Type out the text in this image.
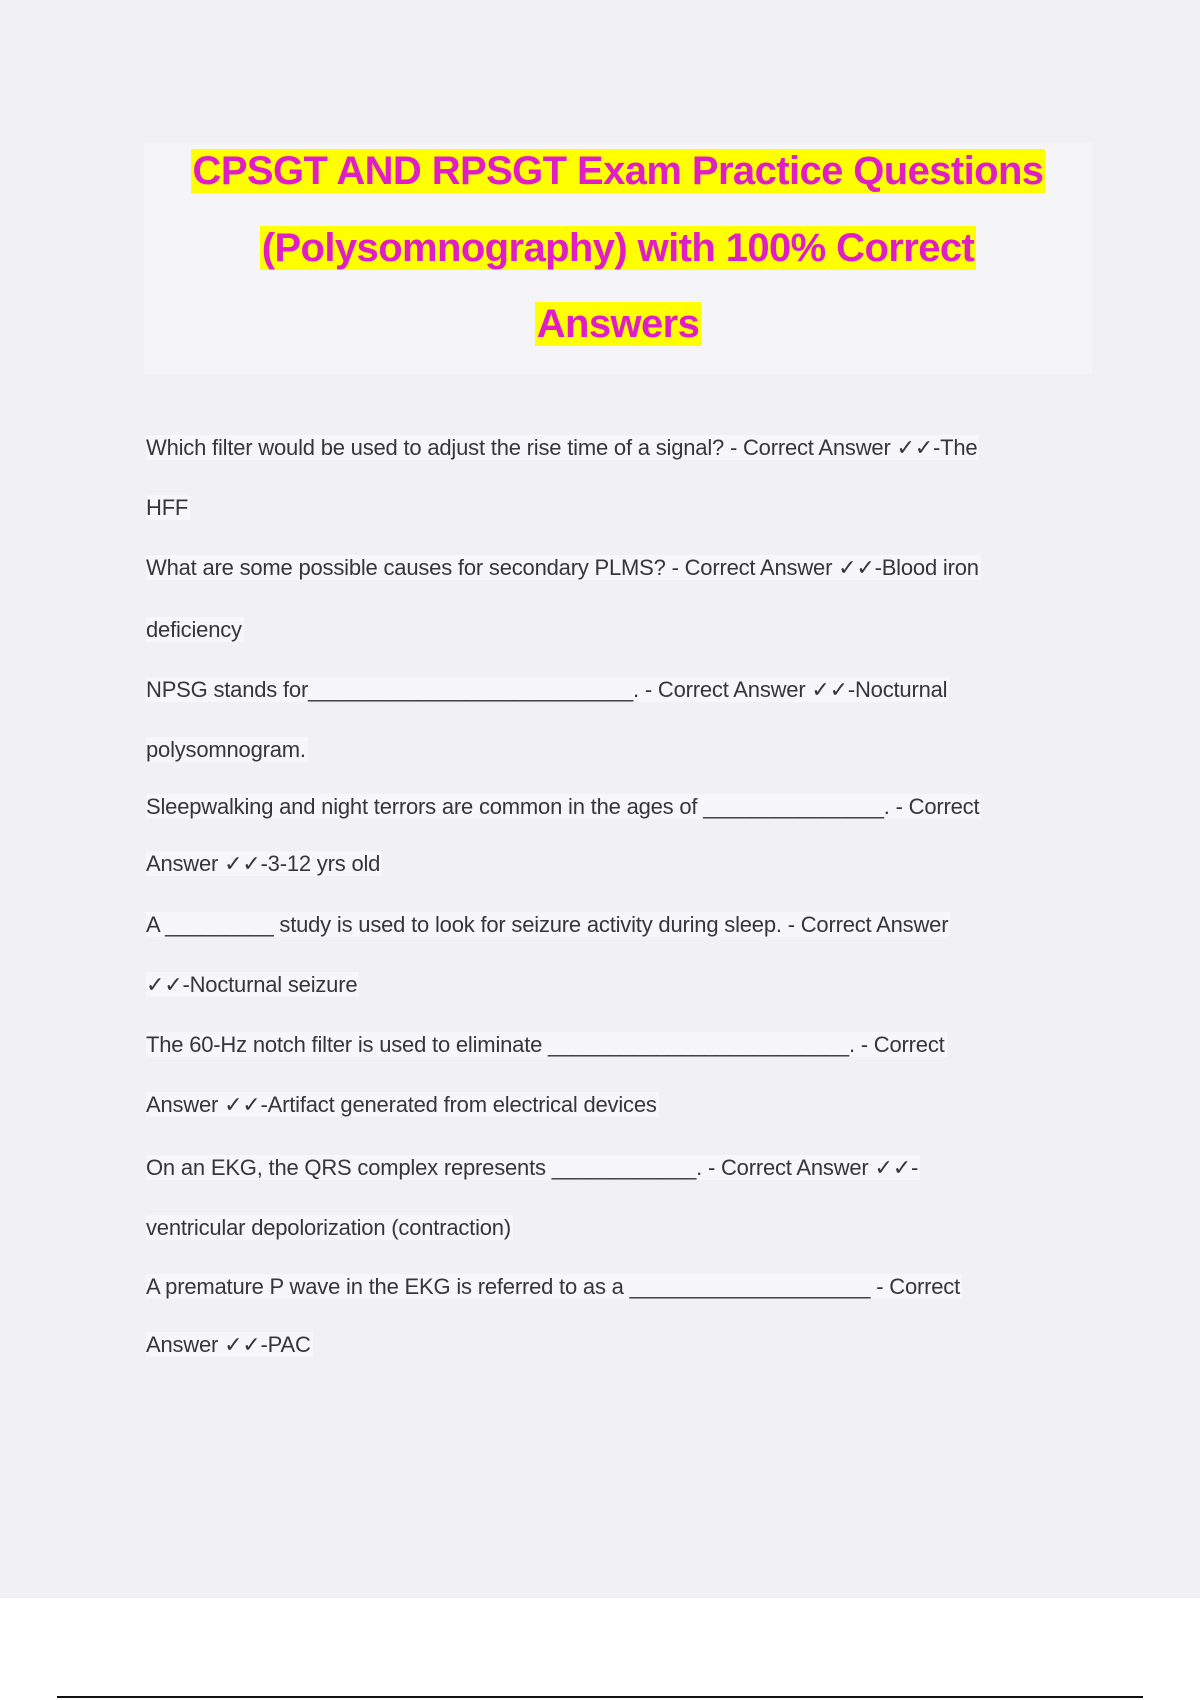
CPSGT AND RPSGT Exam Practice Questions
(Polysomnography) with 100% Correct
Answers
Which filter would be used to adjust the rise time of a signal? - Correct Answer ✓✓-The
HFF
What are some possible causes for secondary PLMS? - Correct Answer ✓✓-Blood iron
deficiency
NPSG stands for___________________________. - Correct Answer ✓✓-Nocturnal
polysomnogram.
Sleepwalking and night terrors are common in the ages of _______________. - Correct
Answer ✓✓-3-12 yrs old
A _________ study is used to look for seizure activity during sleep. - Correct Answer
✓✓-Nocturnal seizure
The 60-Hz notch filter is used to eliminate _________________________. - Correct
Answer ✓✓-Artifact generated from electrical devices
On an EKG, the QRS complex represents ____________. - Correct Answer ✓✓-
ventricular depolorization (contraction)
A premature P wave in the EKG is referred to as a ____________________ - Correct
Answer ✓✓-PAC
